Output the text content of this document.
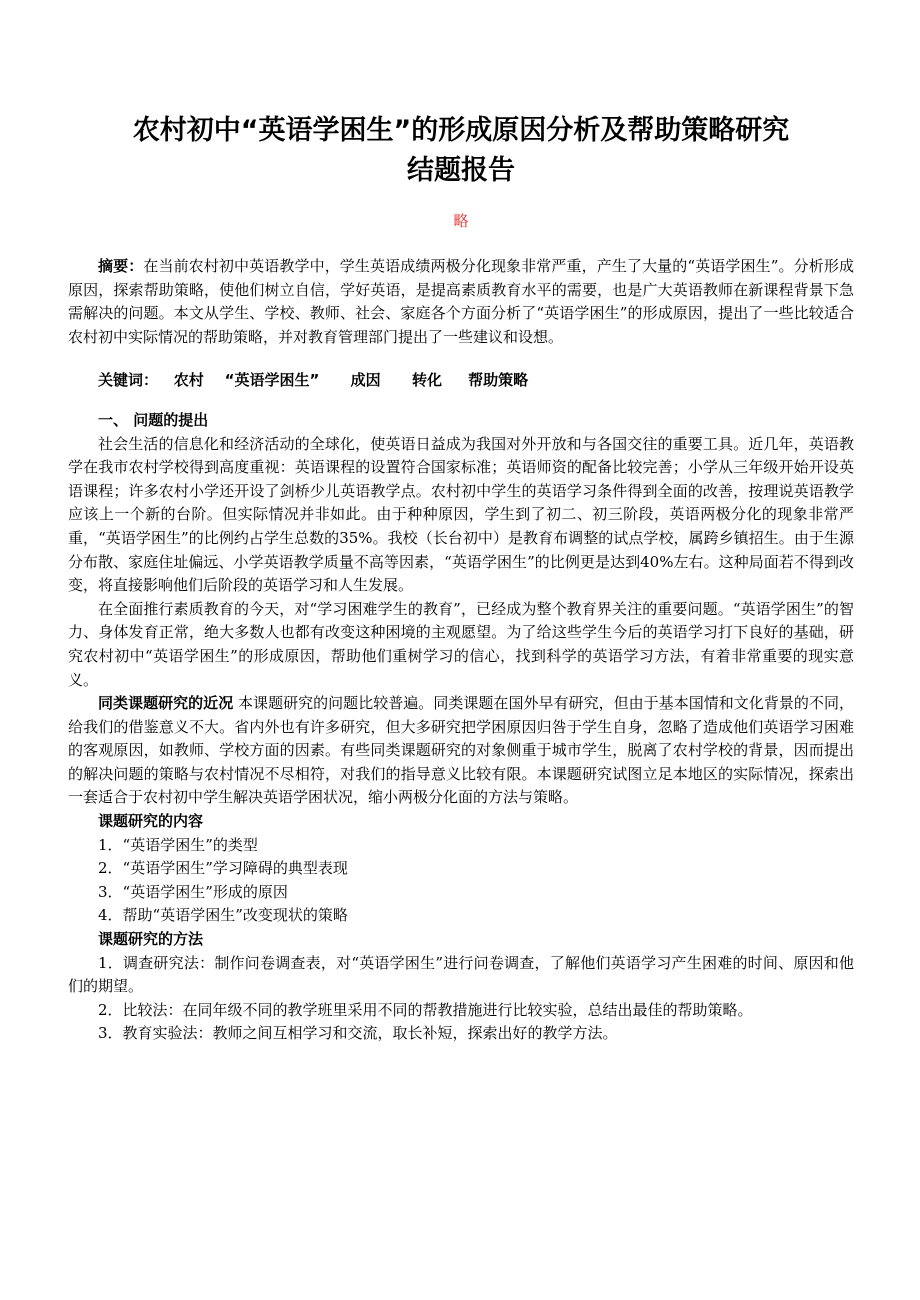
农村初中“英语学困生”的形成原因分析及帮助策略研究
结题报告
略

摘要：在当前农村初中英语教学中，学生英语成绩两极分化现象非常严重，产生了大量的“英语学困生”。分析形成原因，探索帮助策略，使他们树立自信，学好英语，是提高素质教育水平的需要，也是广大英语教师在新课程背景下急需解决的问题。本文从学生、学校、教师、社会、家庭各个方面分析了“英语学困生”的形成原因，提出了一些比较适合农村初中实际情况的帮助策略，并对教育管理部门提出了一些建议和设想。

关键词： 农村 “英语学困生” 成因 转化 帮助策略
一、 问题的提出

社会生活的信息化和经济活动的全球化，使英语日益成为我国对外开放和与各国交往的重要工具。近几年，英语教学在我市农村学校得到高度重视：英语课程的设置符合国家标准；英语师资的配备比较完善；小学从三年级开始开设英语课程；许多农村小学还开设了剑桥少儿英语教学点。农村初中学生的英语学习条件得到全面的改善，按理说英语教学应该上一个新的台阶。但实际情况并非如此。由于种种原因，学生到了初二、初三阶段，英语两极分化的现象非常严重，“英语学困生”的比例约占学生总数的35%。我校（长台初中）是教育布调整的试点学校，属跨乡镇招生。由于生源分布散、家庭住址偏远、小学英语教学质量不高等因素，“英语学困生”的比例更是达到40%左右。这种局面若不得到改变，将直接影响他们后阶段的英语学习和人生发展。

在全面推行素质教育的今天，对“学习困难学生的教育”，已经成为整个教育界关注的重要问题。“英语学困生”的智力、身体发育正常，绝大多数人也都有改变这种困境的主观愿望。为了给这些学生今后的英语学习打下良好的基础，研究农村初中“英语学困生”的形成原因，帮助他们重树学习的信心，找到科学的英语学习方法，有着非常重要的现实意义。

同类课题研究的近况 本课题研究的问题比较普遍。同类课题在国外早有研究，但由于基本国情和文化背景的不同，给我们的借鉴意义不大。省内外也有许多研究，但大多研究把学困原因归咎于学生自身，忽略了造成他们英语学习困难的客观原因，如教师、学校方面的因素。有些同类课题研究的对象侧重于城市学生，脱离了农村学校的背景，因而提出的解决问题的策略与农村情况不尽相符，对我们的指导意义比较有限。本课题研究试图立足本地区的实际情况，探索出一套适合于农村初中学生解决英语学困状况，缩小两极分化面的方法与策略。

课题研究的内容
1．“英语学困生”的类型
2．“英语学困生”学习障碍的典型表现
3．“英语学困生”形成的原因
4．帮助“英语学困生”改变现状的策略
课题研究的方法

1．调查研究法：制作问卷调查表，对“英语学困生”进行问卷调查，了解他们英语学习产生困难的时间、原因和他们的期望。

2．比较法：在同年级不同的教学班里采用不同的帮教措施进行比较实验，总结出最佳的帮助策略。

3．教育实验法：教师之间互相学习和交流，取长补短，探索出好的教学方法。
